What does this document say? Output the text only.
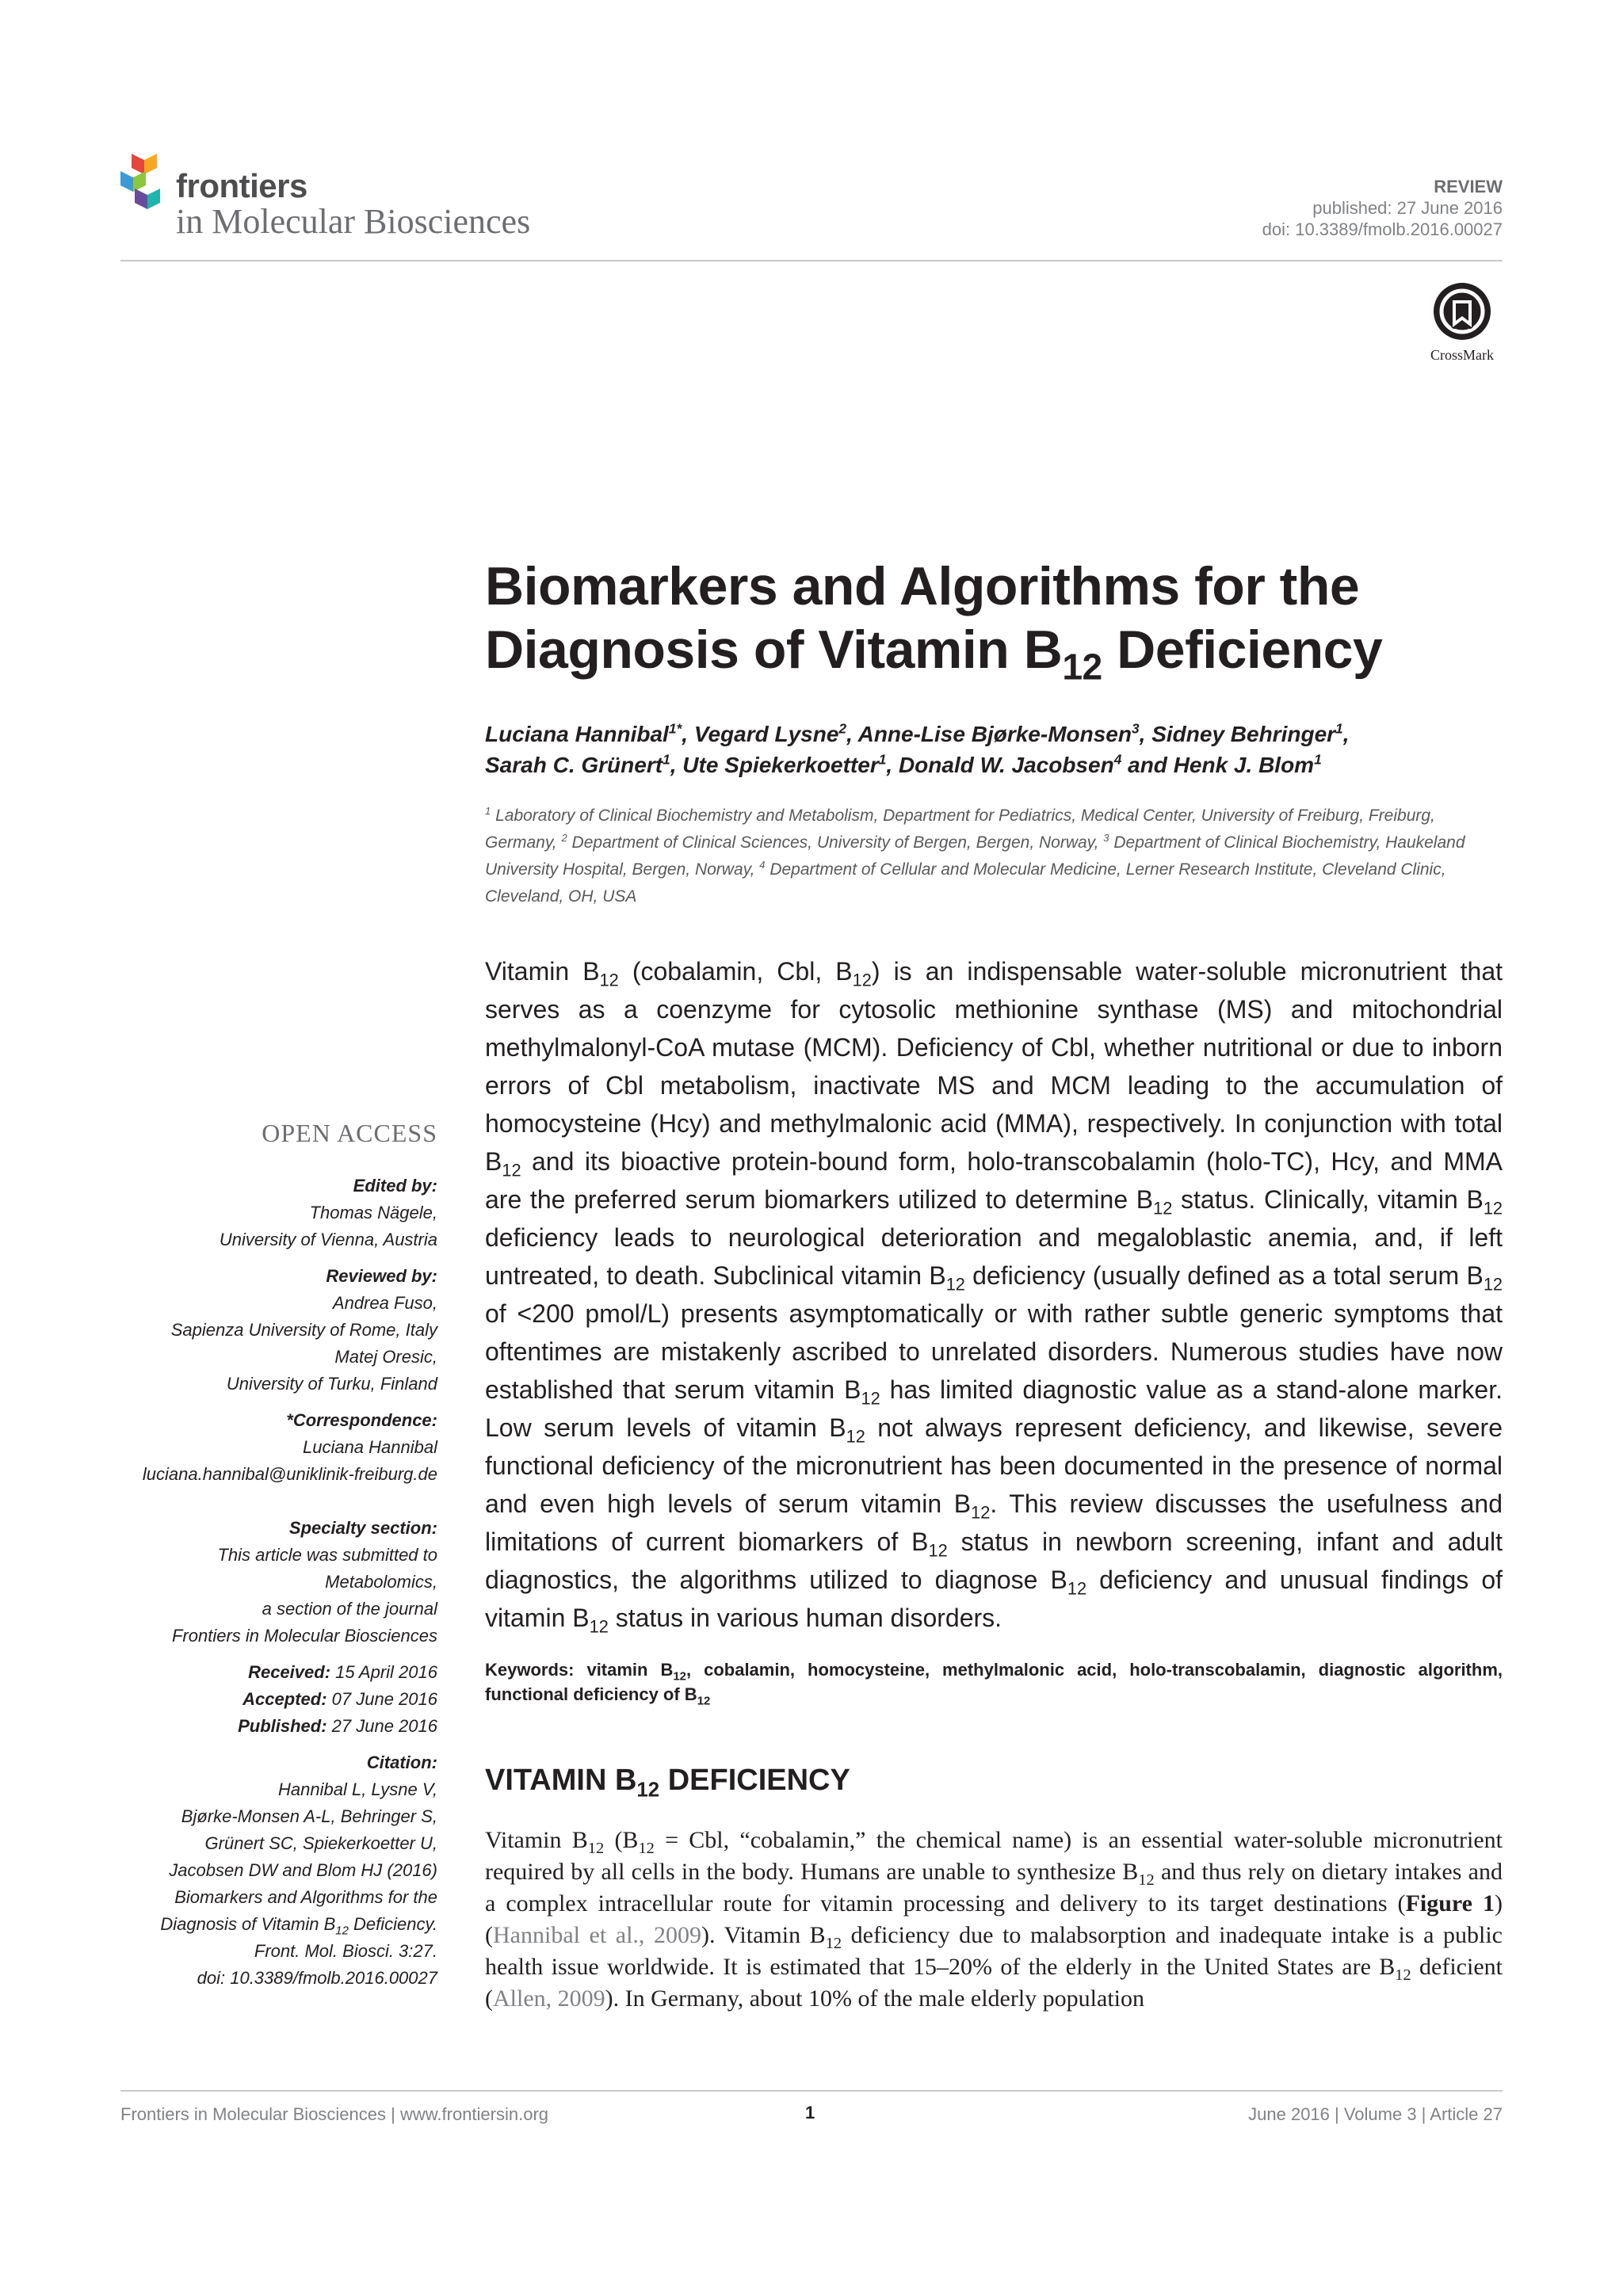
frontiers
in Molecular Biosciences
REVIEW
published: 27 June 2016
doi: 10.3389/fmolb.2016.00027
CrossMark
Biomarkers and Algorithms for the
Diagnosis of Vitamin $B_{12}$ Deficiency
Luciana Hannibal$^{1*}$, Vegard Lysne$^2$, Anne-Lise Bjørke-Monsen$^3$, Sidney Behringer$^1$,
Sarah C. Grünert$^1$, Ute Spiekerkoetter$^1$, Donald W. Jacobsen$^4$ and Henk J. Blom$^1$
$^1$ Laboratory of Clinical Biochemistry and Metabolism, Department for Pediatrics, Medical Center, University of Freiburg, Freiburg, Germany, $^2$ Department of Clinical Sciences, University of Bergen, Bergen, Norway, $^3$ Department of Clinical Biochemistry, Haukeland University Hospital, Bergen, Norway, $^4$ Department of Cellular and Molecular Medicine, Lerner Research Institute, Cleveland Clinic, Cleveland, OH, USA
Vitamin $B_{12}$ (cobalamin, Cbl, $B_{12}$) is an indispensable water-soluble micronutrient that serves as a coenzyme for cytosolic methionine synthase (MS) and mitochondrial methylmalonyl-CoA mutase (MCM). Deficiency of Cbl, whether nutritional or due to inborn errors of Cbl metabolism, inactivate MS and MCM leading to the accumulation of homocysteine (Hcy) and methylmalonic acid (MMA), respectively. In conjunction with total $B_{12}$ and its bioactive protein-bound form, holo-transcobalamin (holo-TC), Hcy, and MMA are the preferred serum biomarkers utilized to determine $B_{12}$ status. Clinically, vitamin $B_{12}$ deficiency leads to neurological deterioration and megaloblastic anemia, and, if left untreated, to death. Subclinical vitamin $B_{12}$ deficiency (usually defined as a total serum $B_{12}$ of <200 pmol/L) presents asymptomatically or with rather subtle generic symptoms that oftentimes are mistakenly ascribed to unrelated disorders. Numerous studies have now established that serum vitamin $B_{12}$ has limited diagnostic value as a stand-alone marker. Low serum levels of vitamin $B_{12}$ not always represent deficiency, and likewise, severe functional deficiency of the micronutrient has been documented in the presence of normal and even high levels of serum vitamin $B_{12}$. This review discusses the usefulness and limitations of current biomarkers of $B_{12}$ status in newborn screening, infant and adult diagnostics, the algorithms utilized to diagnose $B_{12}$ deficiency and unusual findings of vitamin $B_{12}$ status in various human disorders.
Keywords: vitamin $B_{12}$, cobalamin, homocysteine, methylmalonic acid, holo-transcobalamin, diagnostic algorithm, functional deficiency of $B_{12}$
VITAMIN $B_{12}$ DEFICIENCY
Vitamin $B_{12}$ ($B_{12}$ = Cbl, “cobalamin,” the chemical name) is an essential water-soluble micronutrient required by all cells in the body. Humans are unable to synthesize $B_{12}$ and thus rely on dietary intakes and a complex intracellular route for vitamin processing and delivery to its target destinations (Figure 1) (Hannibal et al., 2009). Vitamin $B_{12}$ deficiency due to malabsorption and inadequate intake is a public health issue worldwide. It is estimated that 15–20% of the elderly in the United States are $B_{12}$ deficient (Allen, 2009). In Germany, about 10% of the male elderly population
OPEN ACCESS
Edited by:
Thomas Nägele,
University of Vienna, Austria
Reviewed by:
Andrea Fuso,
Sapienza University of Rome, Italy
Matej Oresic,
University of Turku, Finland
*Correspondence:
Luciana Hannibal
luciana.hannibal@uniklinik-freiburg.de
Specialty section:
This article was submitted to
Metabolomics,
a section of the journal
Frontiers in Molecular Biosciences
Received: 15 April 2016
Accepted: 07 June 2016
Published: 27 June 2016
Citation:
Hannibal L, Lysne V,
Bjørke-Monsen A-L, Behringer S,
Grünert SC, Spiekerkoetter U,
Jacobsen DW and Blom HJ (2016)
Biomarkers and Algorithms for the
Diagnosis of Vitamin $B_{12}$ Deficiency.
Front. Mol. Biosci. 3:27.
doi: 10.3389/fmolb.2016.00027
Frontiers in Molecular Biosciences | www.frontiersin.org	1	June 2016 | Volume 3 | Article 27
